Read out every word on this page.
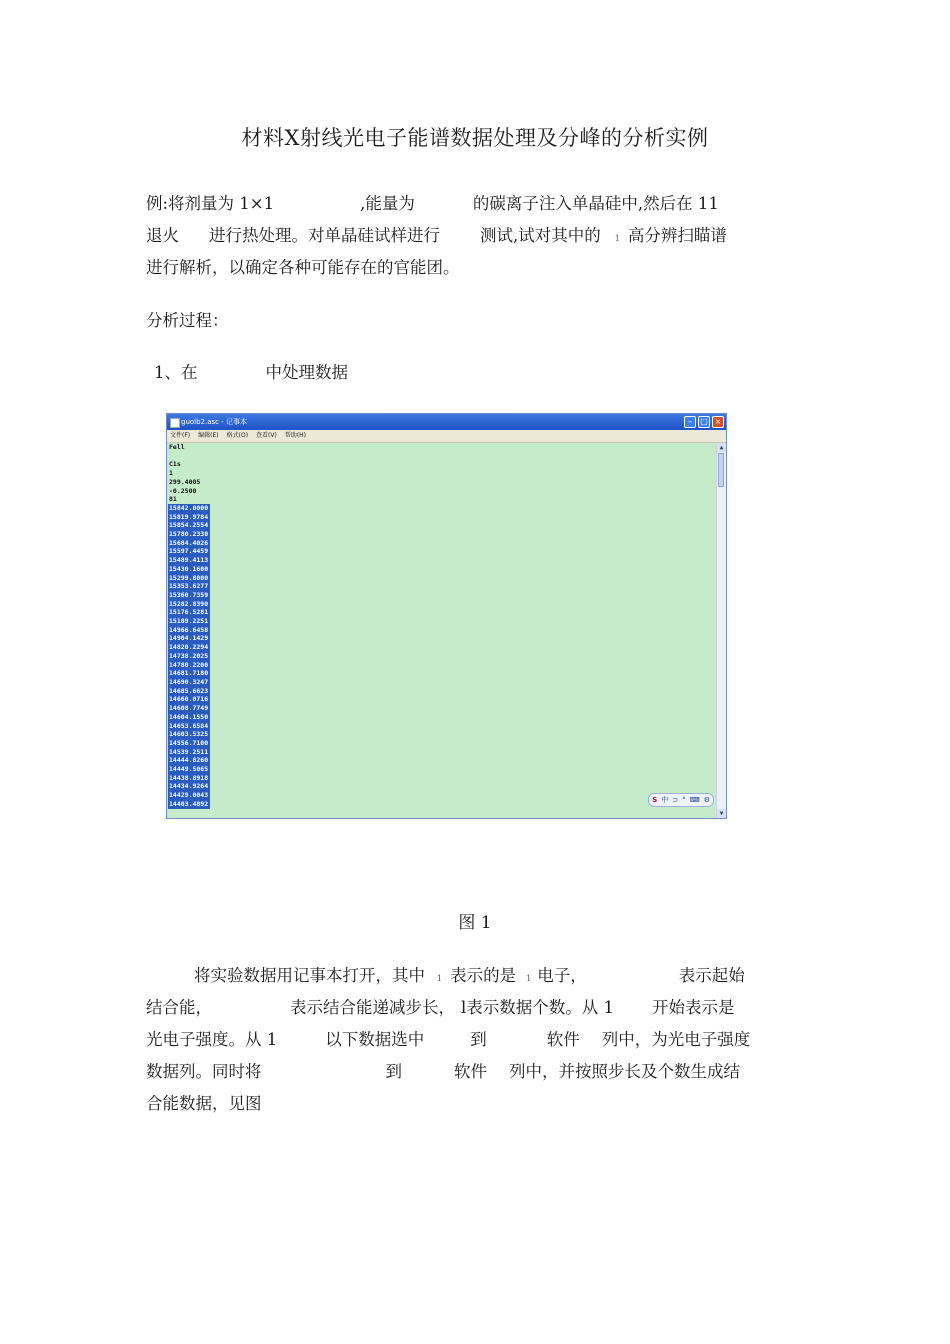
材料X射线光电子能谱数据处理及分峰的分析实例
例:将剂量为 1×1	,能量为	的碳离子注入单晶硅中,然后在 11
退火 进行热处理。对单晶硅试样进行 测试,试对其中的 1 高分辨扫瞄谱
进行解析，以确定各种可能存在的官能团。
分析过程：
1、在	中处理数据
guolb2.asc - 记事本	–	□ ×
文件(F) 编辑(E) 格式(O) 查看(V) 帮助(H)
Fell

C1s
1
299.4005
-0.2500
81
15842.0000
15819.9784
15854.2554
15780.2330
15684.4026
15597.4459
15489.4113
15430.1600
15299.8000
15353.6277
15360.7359
15282.8390
15176.5281
15109.2251
14966.6458
14904.1429
14820.2294
14738.2025
14780.2200
14681.7180
14690.3247
14685.6623
14660.0716
14608.7749
14604.1550
14653.6584
14603.5325
14556.7100
14539.2511
14444.8260
14449.5065
14438.8918
14434.9264
14429.0043
14403.4892
▲
▼
S 中 ⊃ ° ⌨ ⚙
图 1
将实验数据用记事本打开，其中 1 表示的是 1 电子，	表示起始
结合能，	表示结合能递减步长， l表示数据个数。从 1 开始表示是
光电子强度。从 1	以下数据选中	到	软件 列中，为光电子强度
数据列。同时将	到	软件 列中，并按照步长及个数生成结
合能数据，见图
